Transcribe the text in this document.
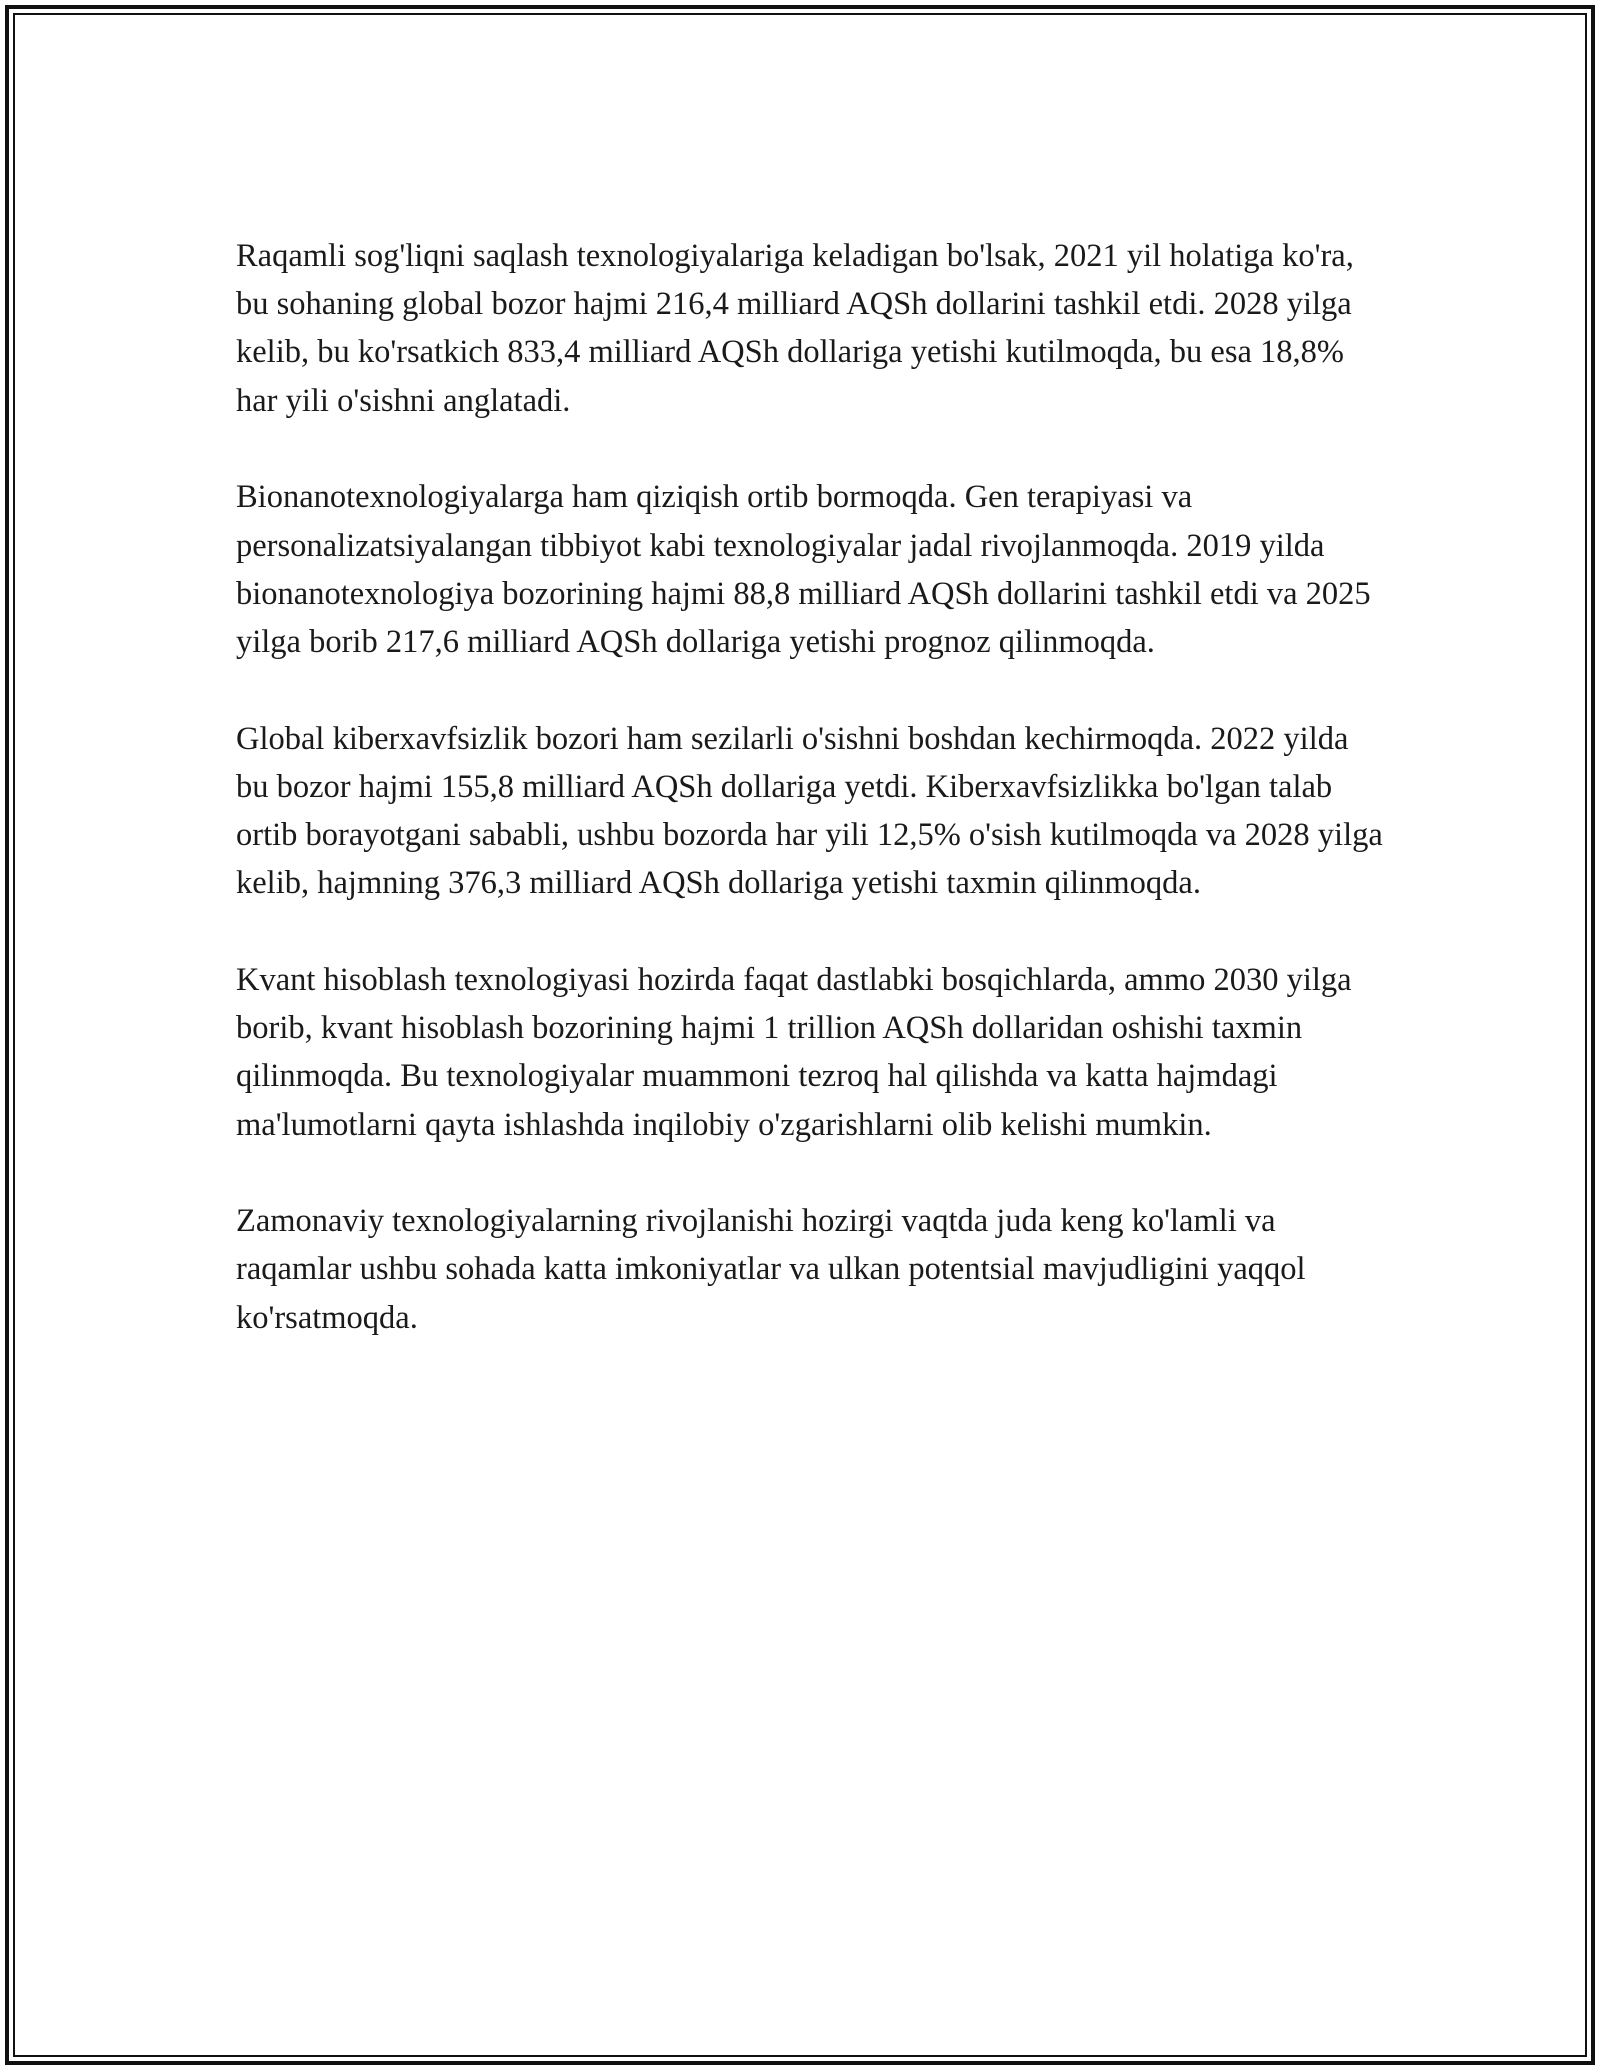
Raqamli sog'liqni saqlash texnologiyalariga keladigan bo'lsak, 2021 yil holatiga ko'ra, bu sohaning global bozor hajmi 216,4 milliard AQSh dollarini tashkil etdi. 2028 yilga kelib, bu ko'rsatkich 833,4 milliard AQSh dollariga yetishi kutilmoqda, bu esa 18,8% har yili o'sishni anglatadi.

Bionanotexnologiyalarga ham qiziqish ortib bormoqda. Gen terapiyasi va personalizatsiyalangan tibbiyot kabi texnologiyalar jadal rivojlanmoqda. 2019 yilda bionanotexnologiya bozorining hajmi 88,8 milliard AQSh dollarini tashkil etdi va 2025 yilga borib 217,6 milliard AQSh dollariga yetishi prognoz qilinmoqda.

Global kiberxavfsizlik bozori ham sezilarli o'sishni boshdan kechirmoqda. 2022 yilda bu bozor hajmi 155,8 milliard AQSh dollariga yetdi. Kiberxavfsizlikka bo'lgan talab ortib borayotgani sababli, ushbu bozorda har yili 12,5% o'sish kutilmoqda va 2028 yilga kelib, hajmning 376,3 milliard AQSh dollariga yetishi taxmin qilinmoqda.

Kvant hisoblash texnologiyasi hozirda faqat dastlabki bosqichlarda, ammo 2030 yilga borib, kvant hisoblash bozorining hajmi 1 trillion AQSh dollaridan oshishi taxmin qilinmoqda. Bu texnologiyalar muammoni tezroq hal qilishda va katta hajmdagi ma'lumotlarni qayta ishlashda inqilobiy o'zgarishlarni olib kelishi mumkin.

Zamonaviy texnologiyalarning rivojlanishi hozirgi vaqtda juda keng ko'lamli va raqamlar ushbu sohada katta imkoniyatlar va ulkan potentsial mavjudligini yaqqol ko'rsatmoqda.
